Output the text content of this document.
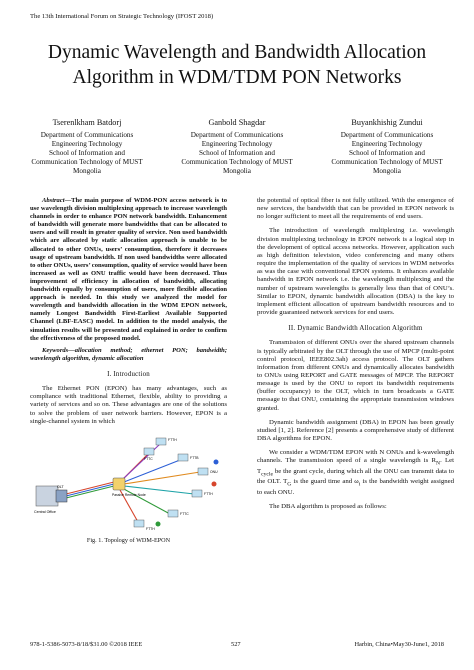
The 13th International Forum on Strategic Technology (IFOST 2018)
Dynamic Wavelength and Bandwidth Allocation
Algorithm in WDM/TDM PON Networks
Tserenlkham Batdorj
Department of Communications
Engineering Technology
School of Information and
Communication Technology of MUST
Mongolia
Ganbold Shagdar
Department of Communications
Engineering Technology
School of Information and
Communication Technology of MUST
Mongolia
Buyankhishig Zundui
Department of Communications
Engineering Technology
School of Information and
Communication Technology of MUST
Mongolia

Abstract—The main purpose of WDM-PON access network is to use wavelength division multiplexing approach to increase wavelength channels in order to enhance PON network bandwidth. Enhancement of bandwidth will generate more bandwidths that can be allocated to users and will result in greater quality of service. Non used bandwidth which are allocated by static allocation approach is unable to be allocated to other ONUs, users’ consumption, therefore it decreases usage of upstream bandwidth. If non used bandwidths were allocated to other ONUs, users’ consumption, quality of service would have been increased as well as ONU traffic would have been decreased. Thus improvement of efficiency in allocation of bandwidth, allocating bandwidth equally by consumption of users, more flexible allocation approach is needed. In this study we analyzed the model for wavelength and bandwidth allocation in the WDM EPON network, namely Longest Bandwidth First-Earliest Available Supported Channel (LBF-EASC) model. In addition to the model analysis, the simulation results will be presented and explained in order to confirm the effectiveness of the proposed model.

Keywords—allocation method; ethernet PON; bandwidth; wavelength algorithm, dynamic allocation

I. Introduction

The Ethernet PON (EPON) has many advantages, such as compliance with traditional Ethernet, flexible, ability to providing a variety of services and so on. These advantages are one of the solutions to solve the problem of user network barriers. However, EPON is a single-channel system in which

Central Office
OLT
Passive Remote Node
FTTC
FTTH
FTTB
ONU
FTTH
FTTC
FTTH
Fig. 1. Topology of WDM-EPON

the potential of optical fiber is not fully utilized. With the emergence of new services, the bandwidth that can be provided in EPON network is no longer sufficient to meet all the requirements of end users.

The introduction of wavelength multiplexing i.e. wavelength division multiplexing technology in EPON network is a logical step in the development of optical access networks. However, application such as high definition television, video conferencing and many others require the implementation of the quality of services in WDM networks as was the case with conventional EPON systems. It enhances available bandwidth in EPON network i.e. the wavelength multiplexing and the number of upstream wavelengths is generally less than that of ONU’s. Similar to EPON, dynamic bandwidth allocation (DBA) is the key to implement efficient allocation of upstream bandwidth resources and to provide guaranteed network services for end users.

II. Dynamic Bandwidth Allocation Algorithm

Transmission of different ONUs over the shared upstream channels is typically arbitrated by the OLT through the use of MPCP (multi-point control protocol, IEEE802.3ah) access protocol. The OLT gathers information from different ONUs and dynamically allocates bandwidth to ONUs using REPORT and GATE messages of MPCP. The REPORT message is used by the ONU to report its bandwidth requirements (buffer occupancy) to the OLT, which in turn broadcasts a GATE message to that ONU, containing the appropriate transmission windows granted.

Dynamic bandwidth assignment (DBA) in EPON has been greatly studied [1, 2]. Reference [2] presents a comprehensive study of different DBA algorithms for EPON.

We consider a WDM/TDM EPON with N ONUs and k-wavelength channels. The transmission speed of a single wavelength is $R_N$. Let $T_{cycle}$ be the grant cycle, during which all the ONU can transmit data to the OLT. $T_G$ is the guard time and $\omega_i$ is the bandwidth weight assigned to each ONU.

The DBA algorithm is proposed as follows:

978-1-5386-5073-8/18/$31.00 ©2018 IEEE	527	Harbin, China•May30-June1, 2018
